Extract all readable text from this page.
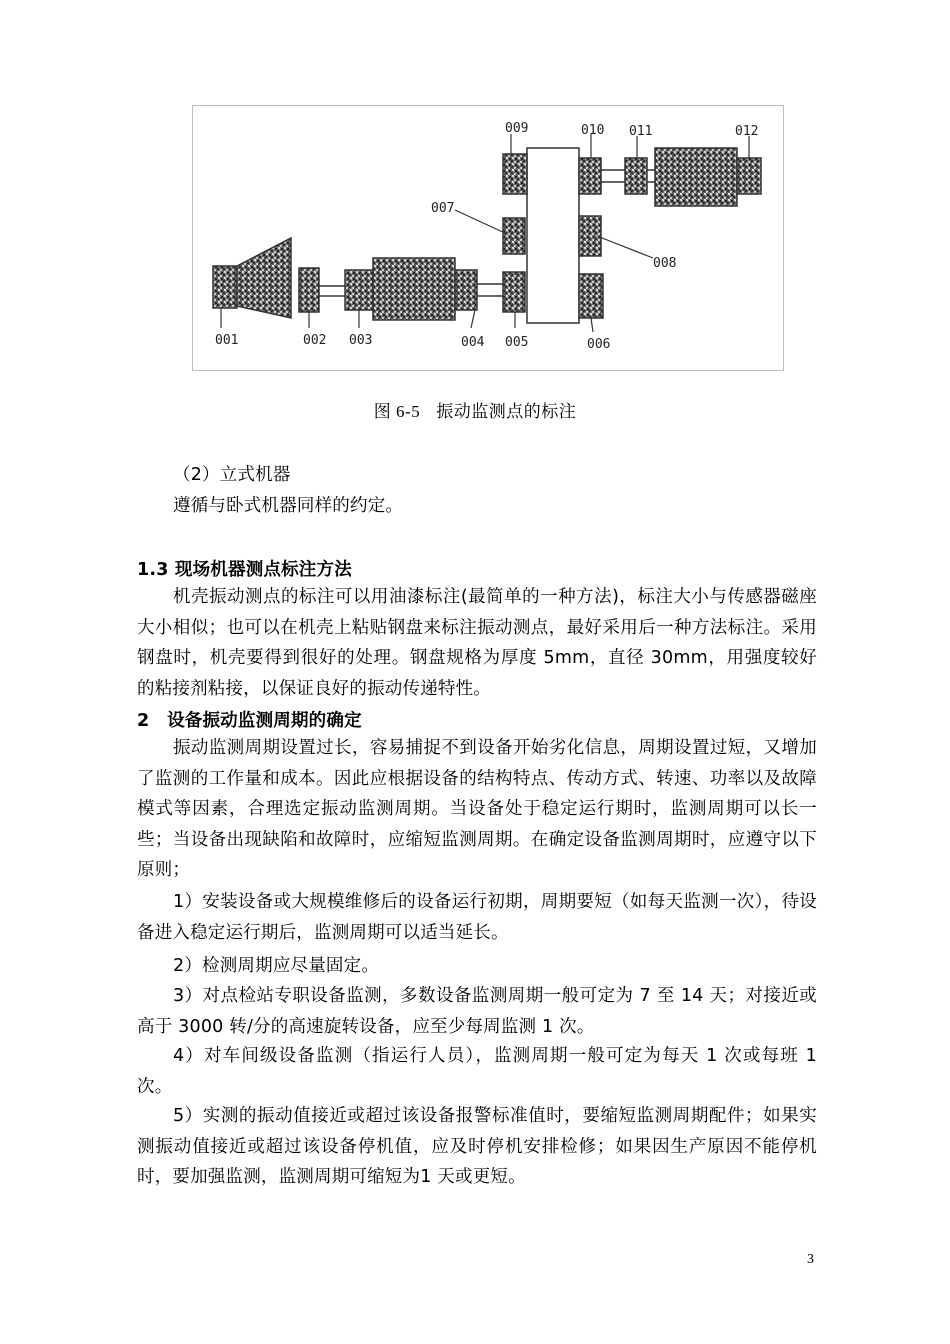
001	002 003	004 005	006
007
008
009	010 011	012
图 6-5 振动监测点的标注
（2）立式机器
遵循与卧式机器同样的约定。
1.3 现场机器测点标注方法
机壳振动测点的标注可以用油漆标注(最简单的一种方法)，标注大小与传感器磁座大小相似；也可以在机壳上粘贴钢盘来标注振动测点，最好采用后一种方法标注。采用钢盘时，机壳要得到很好的处理。钢盘规格为厚度 5mm，直径 30mm，用强度较好的粘接剂粘接，以保证良好的振动传递特性。
2　设备振动监测周期的确定
振动监测周期设置过长，容易捕捉不到设备开始劣化信息，周期设置过短，又增加了监测的工作量和成本。因此应根据设备的结构特点、传动方式、转速、功率以及故障模式等因素，合理选定振动监测周期。当设备处于稳定运行期时，监测周期可以长一些；当设备出现缺陷和故障时，应缩短监测周期。在确定设备监测周期时，应遵守以下原则；
1）安装设备或大规模维修后的设备运行初期，周期要短（如每天监测一次），待设备进入稳定运行期后，监测周期可以适当延长。
2）检测周期应尽量固定。
3）对点检站专职设备监测，多数设备监测周期一般可定为 7 至 14 天；对接近或高于 3000 转/分的高速旋转设备，应至少每周监测 1 次。
4）对车间级设备监测（指运行人员），监测周期一般可定为每天 1 次或每班 1 次。
5）实测的振动值接近或超过该设备报警标准值时，要缩短监测周期配件；如果实测振动值接近或超过该设备停机值，应及时停机安排检修；如果因生产原因不能停机时，要加强监测，监测周期可缩短为1 天或更短。
3
